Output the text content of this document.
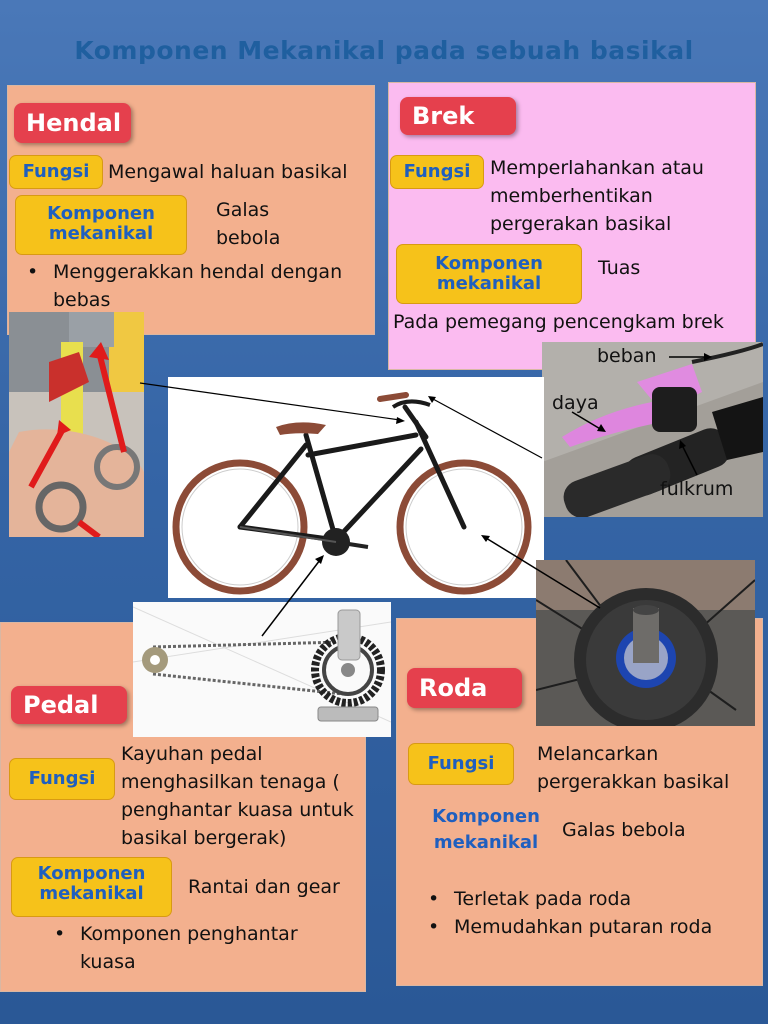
Komponen Mekanikal pada sebuah basikal
Hendal
Fungsi Mengawal haluan basikal
Komponen mekanikal
Galas bebola
• Menggerakkan hendal dengan bebas
Brek
Fungsi	Memperlahankan atau memberhentikan pergerakan basikal
Komponen mekanikal
Tuas
Pada pemegang pencengkam brek
beban
daya
fulkrum
Pedal
Fungsi
Kayuhan pedal menghasilkan tenaga ( penghantar kuasa untuk basikal bergerak)
Komponen mekanikal	Rantai dan gear
• Komponen penghantar kuasa
Roda
Fungsi	Melancarkan pergerakkan basikal
Komponen mekanikal
Galas bebola
• Terletak pada roda
• Memudahkan putaran roda
